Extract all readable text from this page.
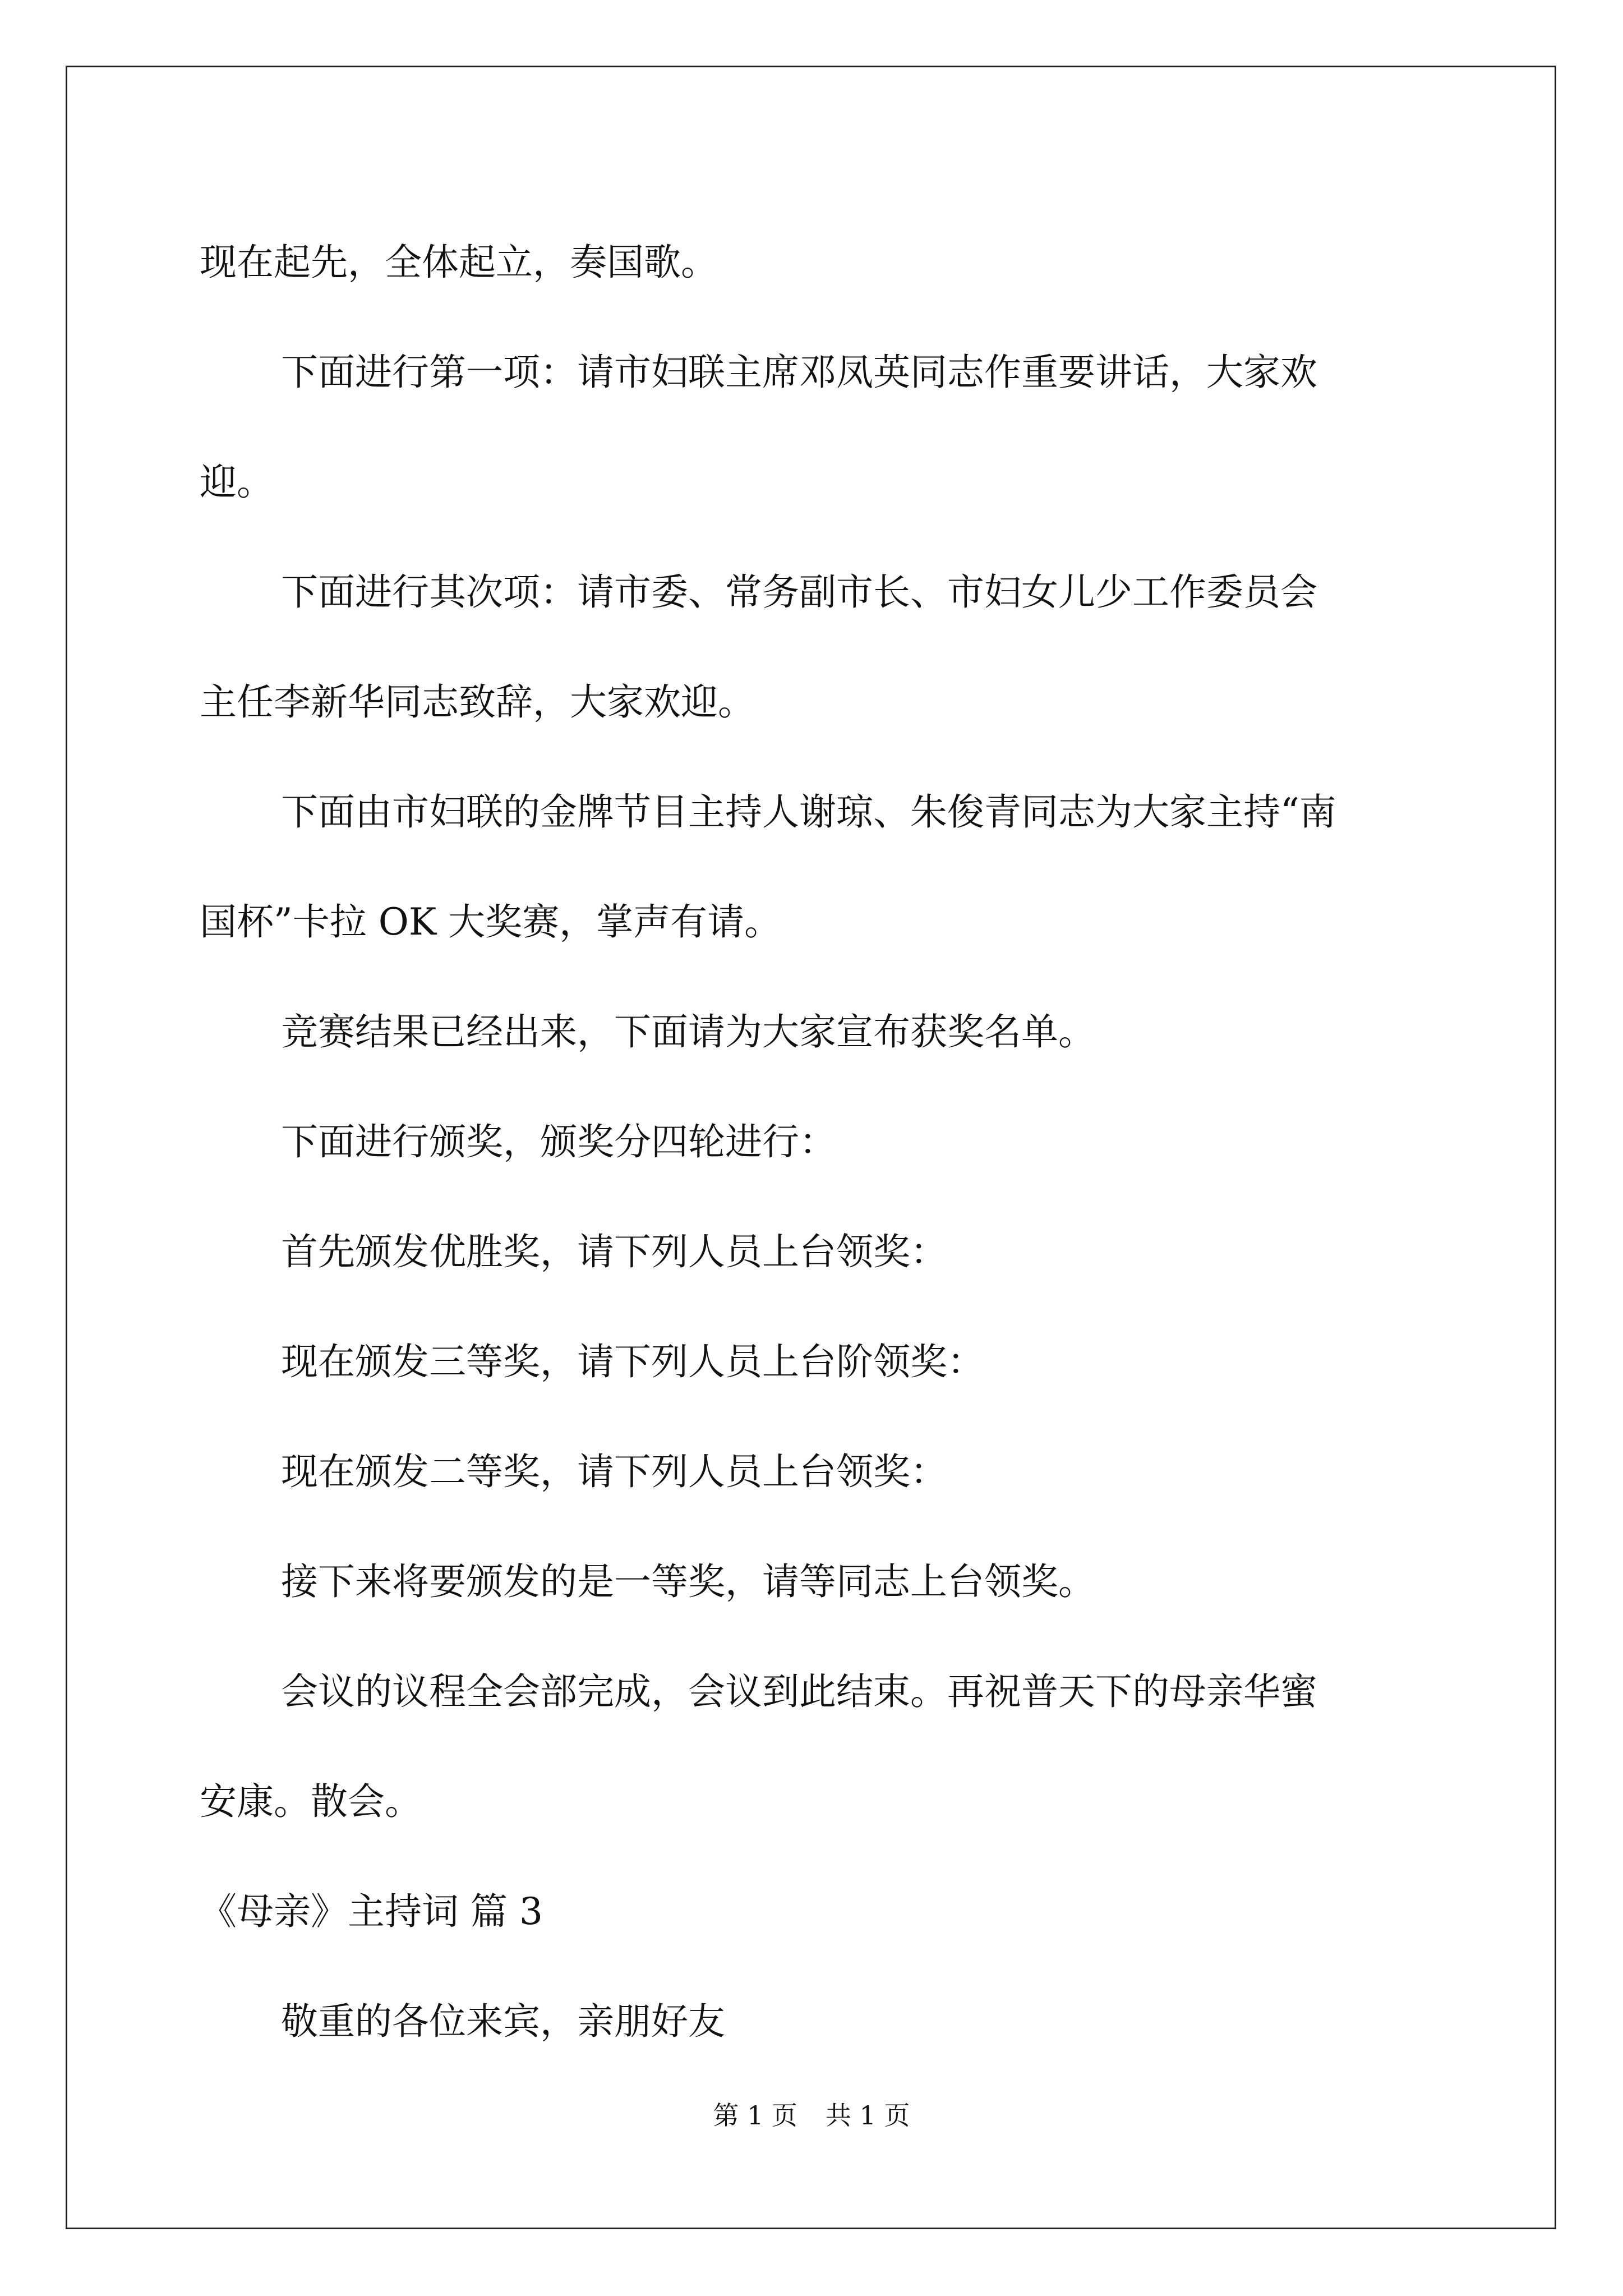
现在起先，全体起立，奏国歌。

下面进行第一项：请市妇联主席邓凤英同志作重要讲话，大家欢

迎。

下面进行其次项：请市委、常务副市长、市妇女儿少工作委员会

主任李新华同志致辞，大家欢迎。

下面由市妇联的金牌节目主持人谢琼、朱俊青同志为大家主持“南

国杯”卡拉 OK 大奖赛，掌声有请。

竞赛结果已经出来，下面请为大家宣布获奖名单。

下面进行颁奖，颁奖分四轮进行：

首先颁发优胜奖，请下列人员上台领奖：

现在颁发三等奖，请下列人员上台阶领奖：

现在颁发二等奖，请下列人员上台领奖：

接下来将要颁发的是一等奖，请等同志上台领奖。

会议的议程全会部完成，会议到此结束。再祝普天下的母亲华蜜

安康。散会。

《母亲》主持词 篇 3

敬重的各位来宾，亲朋好友

第 1 页 共 1 页
